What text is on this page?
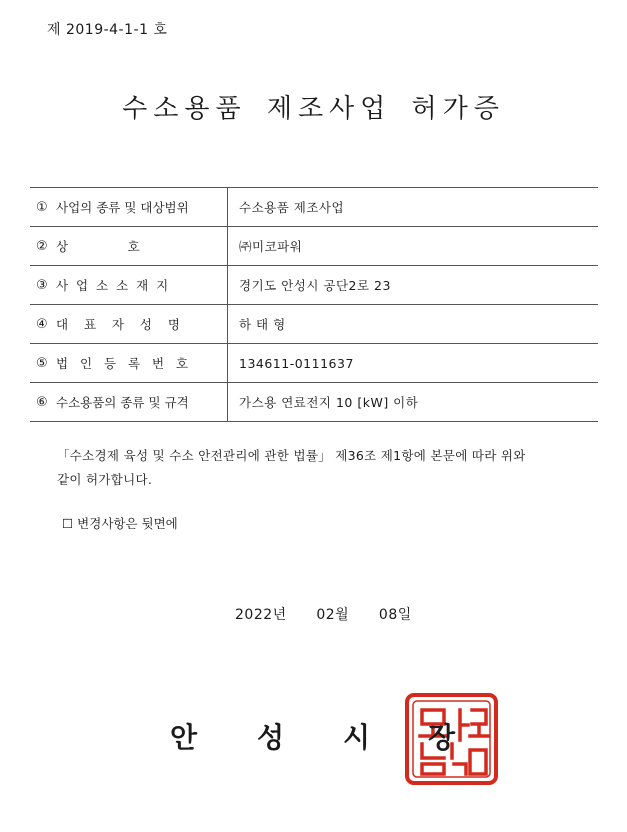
제 2019-4-1-1 호
수소용품 제조사업 허가증
① 사업의 종류 및 대상범위	수소용품 제조사업

② 상               호	㈜미코파워

③ 사  업  소  소  재  지	경기도 안성시 공단2로 23

④ 대    표    자    성    명	하 태 형

⑤ 법   인   등   록   번   호	134611-0111637

⑥ 수소용품의 종류 및 규격	가스용 연료전지 10 [kW] 이하
「수소경제 육성 및 수소 안전관리에 관한 법률」 제36조 제1항에 본문에 따라 위와
같이 허가합니다.
☐ 변경사항은 뒷면에
2022년 02월 08일
안 성 시 장
